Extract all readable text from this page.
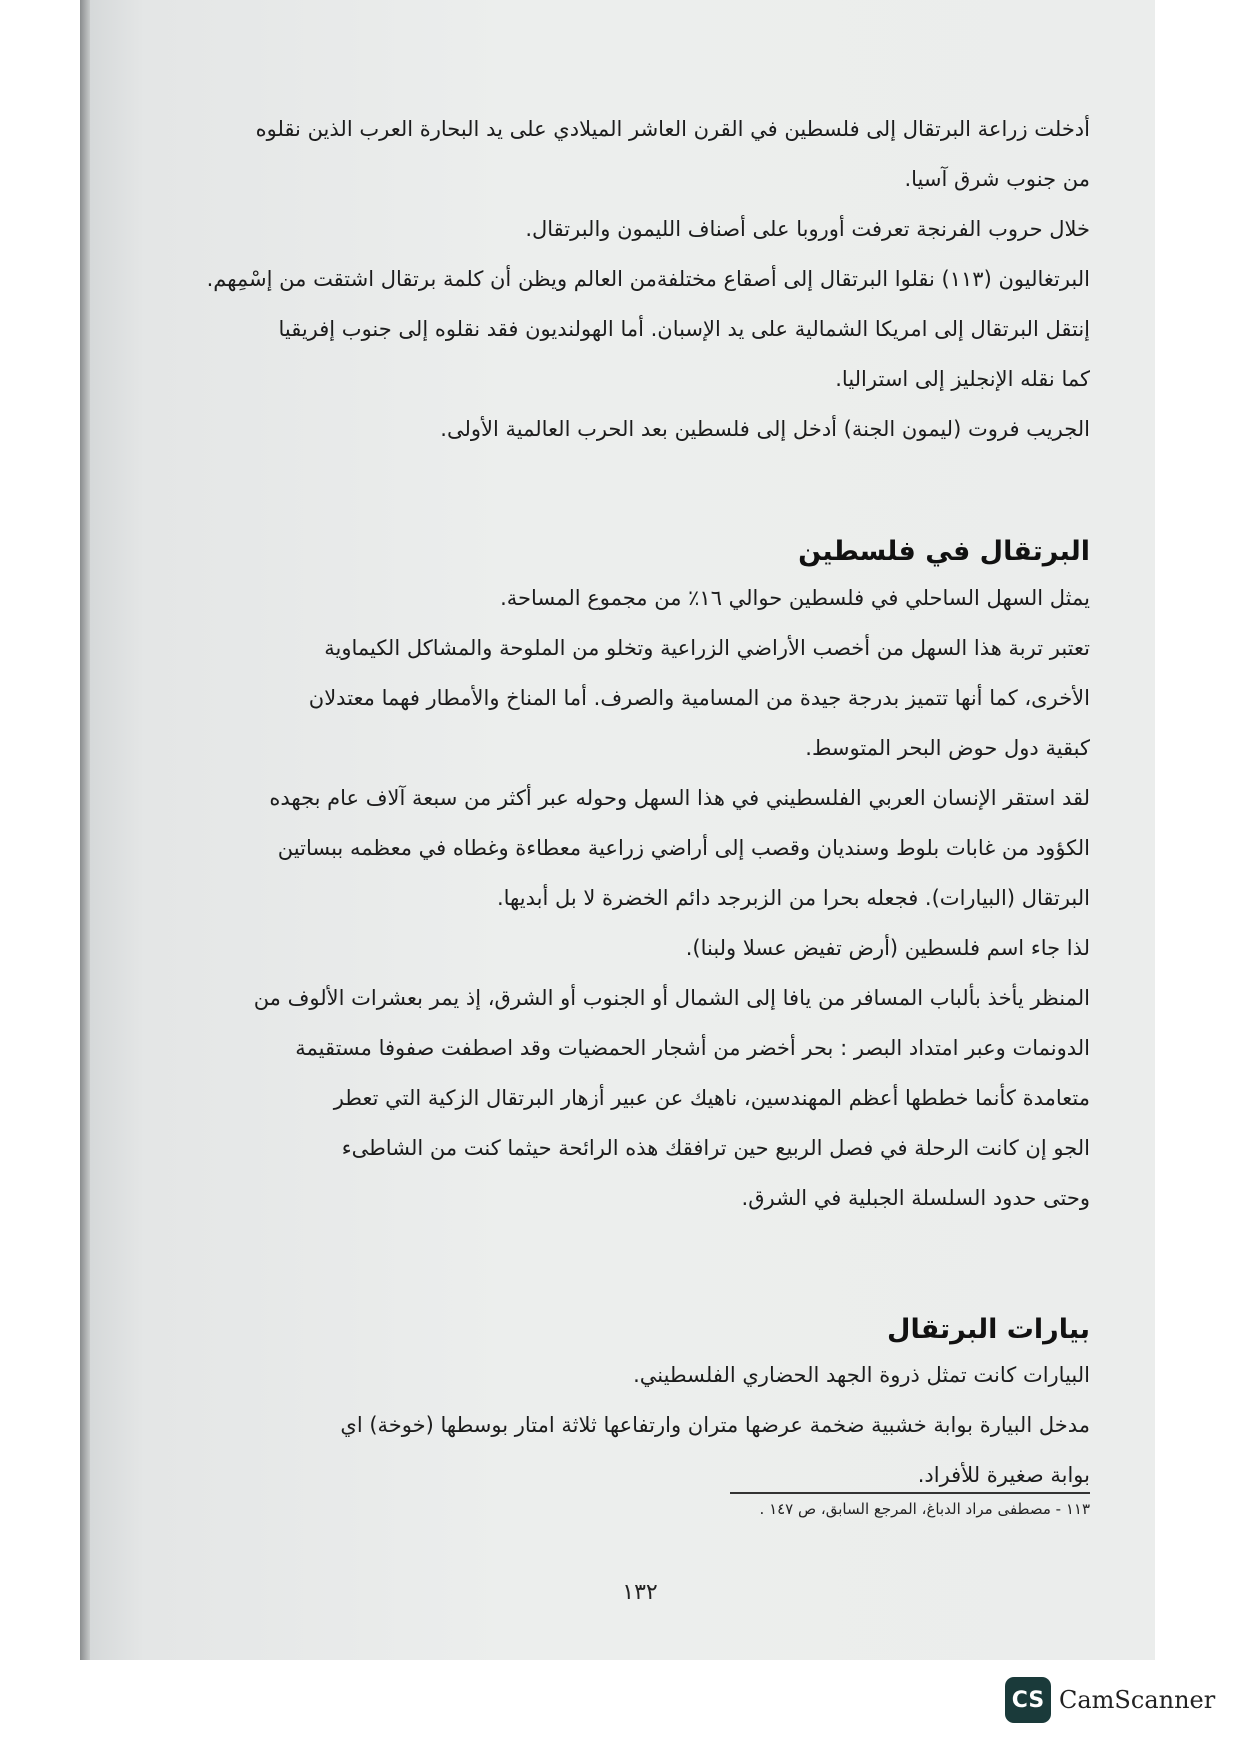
أدخلت زراعة البرتقال إلى فلسطين في القرن العاشر الميلادي على يد البحارة العرب الذين نقلوه
من جنوب شرق آسيا.
خلال حروب الفرنجة تعرفت أوروبا على أصناف الليمون والبرتقال.
البرتغاليون (١١٣) نقلوا البرتقال إلى أصقاع مختلفةمن العالم ويظن أن كلمة برتقال اشتقت من إسْمِهم.
إنتقل البرتقال إلى امريكا الشمالية على يد الإسبان. أما الهولنديون فقد نقلوه إلى جنوب إفريقيا
كما نقله الإنجليز إلى استراليا.
الجريب فروت (ليمون الجنة) أدخل إلى فلسطين بعد الحرب العالمية الأولى.
البرتقال في فلسطين
يمثل السهل الساحلي في فلسطين حوالي ١٦٪ من مجموع المساحة.
تعتبر تربة هذا السهل من أخصب الأراضي الزراعية وتخلو من الملوحة والمشاكل الكيماوية
الأخرى، كما أنها تتميز بدرجة جيدة من المسامية والصرف. أما المناخ والأمطار فهما معتدلان
كبقية دول حوض البحر المتوسط.
لقد استقر الإنسان العربي الفلسطيني في هذا السهل وحوله عبر أكثر من سبعة آلاف عام بجهده
الكؤود من غابات بلوط وسنديان وقصب إلى أراضي زراعية معطاءة وغطاه في معظمه ببساتين
البرتقال (البيارات). فجعله بحرا من الزبرجد دائم الخضرة لا بل أبديها.
لذا جاء اسم فلسطين (أرض تفيض عسلا ولبنا).
المنظر يأخذ بألباب المسافر من يافا إلى الشمال أو الجنوب أو الشرق، إذ يمر بعشرات الألوف من
الدونمات وعبر امتداد البصر : بحر أخضر من أشجار الحمضيات وقد اصطفت صفوفا مستقيمة
متعامدة كأنما خططها أعظم المهندسين، ناهيك عن عبير أزهار البرتقال الزكية التي تعطر
الجو إن كانت الرحلة في فصل الربيع حين ترافقك هذه الرائحة حيثما كنت من الشاطىء
وحتى حدود السلسلة الجبلية في الشرق.
بيارات البرتقال
البيارات كانت تمثل ذروة الجهد الحضاري الفلسطيني.
مدخل البيارة بوابة خشبية ضخمة عرضها متران وارتفاعها ثلاثة امتار بوسطها (خوخة) اي
بوابة صغيرة للأفراد.
١١٣ - مصطفى مراد الدباغ، المرجع السابق، ص ١٤٧ .
١٣٢
CS CamScanner
